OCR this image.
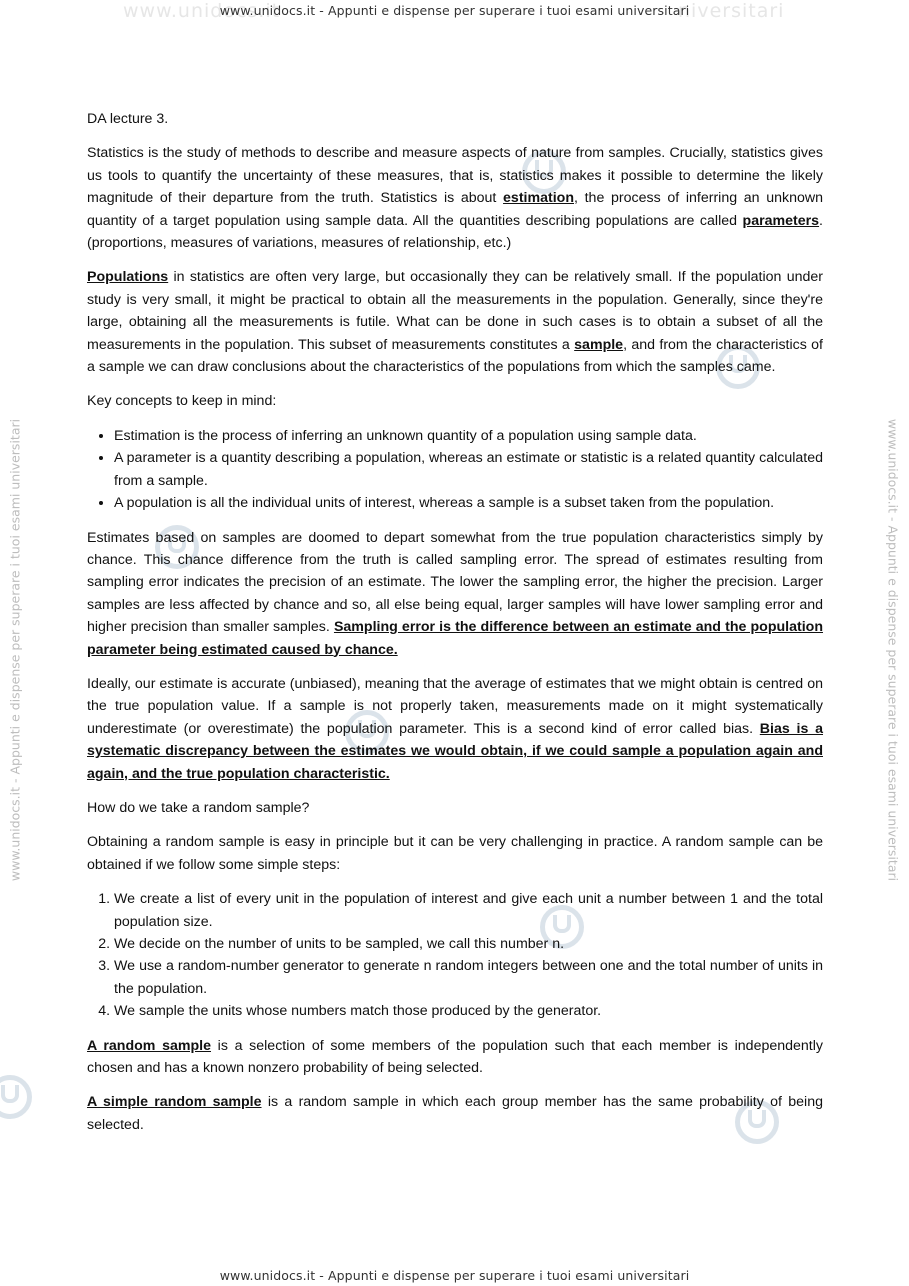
www.unidocs.it	niversitari
www.unidocs.it - Appunti e dispense per superare i tuoi esami universitari
www.unidocs.it - Appunti e dispense per superare i tuoi esami universitari	www.unidocs.it - Appunti e dispense per superare i tuoi esami universitari

DA lecture 3.

Statistics is the study of methods to describe and measure aspects of nature from samples. Crucially, statistics gives us tools to quantify the uncertainty of these measures, that is, statistics makes it possible to determine the likely magnitude of their departure from the truth. Statistics is about estimation, the process of inferring an unknown quantity of a target population using sample data. All the quantities describing populations are called parameters. (proportions, measures of variations, measures of relationship, etc.)

Populations in statistics are often very large, but occasionally they can be relatively small. If the population under study is very small, it might be practical to obtain all the measurements in the population. Generally, since they're large, obtaining all the measurements is futile. What can be done in such cases is to obtain a subset of all the measurements in the population. This subset of measurements constitutes a sample, and from the characteristics of a sample we can draw conclusions about the characteristics of the populations from which the samples came.

Key concepts to keep in mind:

• Estimation is the process of inferring an unknown quantity of a population using sample data.
• A parameter is a quantity describing a population, whereas an estimate or statistic is a related quantity calculated from a sample.
• A population is all the individual units of interest, whereas a sample is a subset taken from the population.

Estimates based on samples are doomed to depart somewhat from the true population characteristics simply by chance. This chance difference from the truth is called sampling error. The spread of estimates resulting from sampling error indicates the precision of an estimate. The lower the sampling error, the higher the precision. Larger samples are less affected by chance and so, all else being equal, larger samples will have lower sampling error and higher precision than smaller samples. Sampling error is the difference between an estimate and the population parameter being estimated caused by chance.

Ideally, our estimate is accurate (unbiased), meaning that the average of estimates that we might obtain is centred on the true population value. If a sample is not properly taken, measurements made on it might systematically underestimate (or overestimate) the population parameter. This is a second kind of error called bias. Bias is a systematic discrepancy between the estimates we would obtain, if we could sample a population again and again, and the true population characteristic.

How do we take a random sample?

Obtaining a random sample is easy in principle but it can be very challenging in practice. A random sample can be obtained if we follow some simple steps:

1. We create a list of every unit in the population of interest and give each unit a number between 1 and the total population size.
2. We decide on the number of units to be sampled, we call this number n.
3. We use a random-number generator to generate n random integers between one and the total number of units in the population.
4. We sample the units whose numbers match those produced by the generator.

A random sample is a selection of some members of the population such that each member is independently chosen and has a known nonzero probability of being selected.

A simple random sample is a random sample in which each group member has the same probability of being selected.

www.unidocs.it - Appunti e dispense per superare i tuoi esami universitari
